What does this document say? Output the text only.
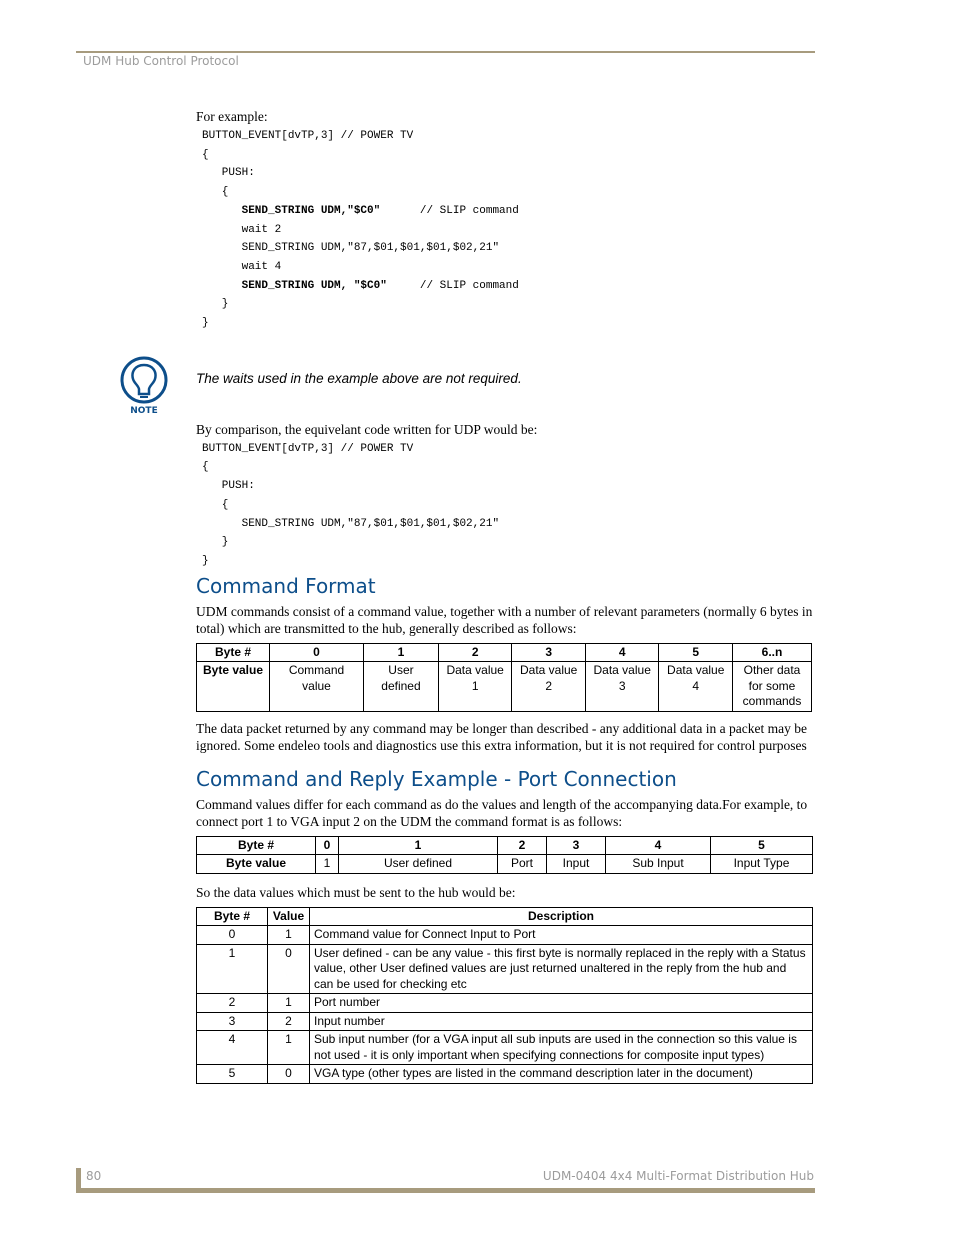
UDM Hub Control Protocol

For example:

BUTTON_EVENT[dvTP,3] // POWER TV
{
PUSH:
{
SEND_STRING UDM,"$C0"      // SLIP command
wait 2
SEND_STRING UDM,"87,$01,$01,$01,$02,21"
wait 4
SEND_STRING UDM, "$C0"     // SLIP command
}
}

By comparison, the equivelant code written for UDP would be:

BUTTON_EVENT[dvTP,3] // POWER TV
{
PUSH:
{
SEND_STRING UDM,"87,$01,$01,$01,$02,21"
}
}
Command Format

UDM commands consist of a command value, together with a number of relevant parameters (normally 6 bytes in total) which are transmitted to the hub, generally described as follows:

Byte #	0	1	2	3	4	5	6..n
Byte value	Command value	User defined	Data value 1	Data value 2	Data value 3	Data value 4	Other data for some commands

The data packet returned by any command may be longer than described - any additional data in a packet may be ignored. Some endeleo tools and diagnostics use this extra information, but it is not required for control purposes

Command and Reply Example - Port Connection

Command values differ for each command as do the values and length of the accompanying data.For example, to connect port 1 to VGA input 2 on the UDM the command format is as follows:

Byte #	0	1	2	3	4	5
Byte value	1	User defined	Port	Input	Sub Input	Input Type

So the data values which must be sent to the hub would be:

Byte #	Value	Description
0	1	Command value for Connect Input to Port
1	0	User defined - can be any value - this first byte is normally replaced in the reply with a Status value, other User defined values are just returned unaltered in the reply from the hub and can be used for checking etc
2	1	Port number
3	2	Input number
4	1	Sub input number (for a VGA input all sub inputs are used in the connection so this value is not used - it is only important when specifying connections for composite input types)
5	0	VGA type (other types are listed in the command description later in the document)
NOTE
The waits used in the example above are not required.
80	UDM-0404 4x4 Multi-Format Distribution Hub
